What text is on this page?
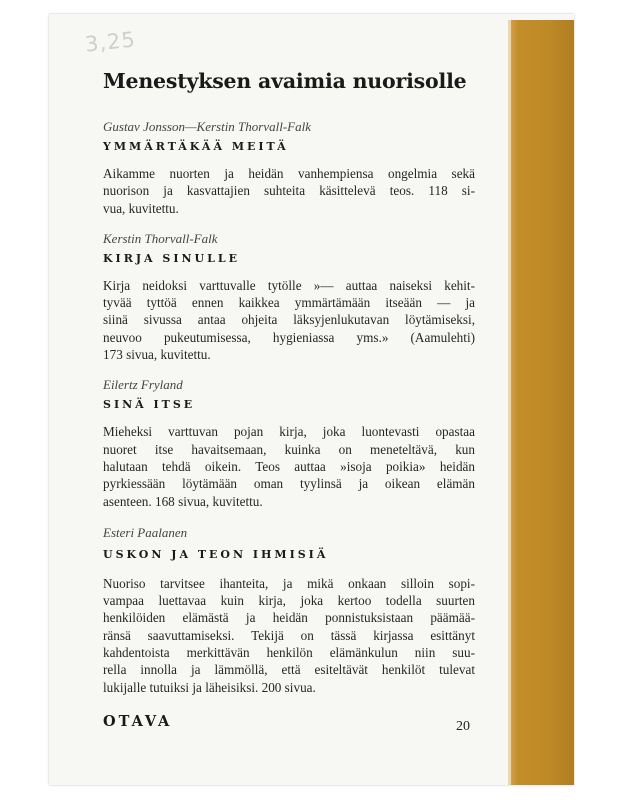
3,25
Menestyksen avaimia nuorisolle

Gustav Jonsson—Kerstin Thorvall-Falk

YMMÄRTÄKÄÄ MEITÄ

Aikamme nuorten ja heidän vanhempiensa ongelmia sekä

nuorison ja kasvattajien suhteita käsittelevä teos. 118 si-

vua, kuvitettu.

Kerstin Thorvall-Falk

KIRJA SINULLE

Kirja neidoksi varttuvalle tytölle »— auttaa naiseksi kehit-

tyvää tyttöä ennen kaikkea ymmärtämään itseään — ja

siinä sivussa antaa ohjeita läksyjenlukutavan löytämiseksi,

neuvoo pukeutumisessa, hygieniassa yms.» (Aamulehti)

173 sivua, kuvitettu.

Eilertz Fryland

SINÄ ITSE

Mieheksi varttuvan pojan kirja, joka luontevasti opastaa

nuoret itse havaitsemaan, kuinka on meneteltävä, kun

halutaan tehdä oikein. Teos auttaa »isoja poikia» heidän

pyrkiessään löytämään oman tyylinsä ja oikean elämän

asenteen. 168 sivua, kuvitettu.

Esteri Paalanen

USKON JA TEON IHMISIÄ

Nuoriso tarvitsee ihanteita, ja mikä onkaan silloin sopi-

vampaa luettavaa kuin kirja, joka kertoo todella suurten

henkilöiden elämästä ja heidän ponnistuksistaan päämää-

ränsä saavuttamiseksi. Tekijä on tässä kirjassa esittänyt

kahdentoista merkittävän henkilön elämänkulun niin suu-

rella innolla ja lämmöllä, että esiteltävät henkilöt tulevat

lukijalle tutuiksi ja läheisiksi. 200 sivua.

OTAVA	20
